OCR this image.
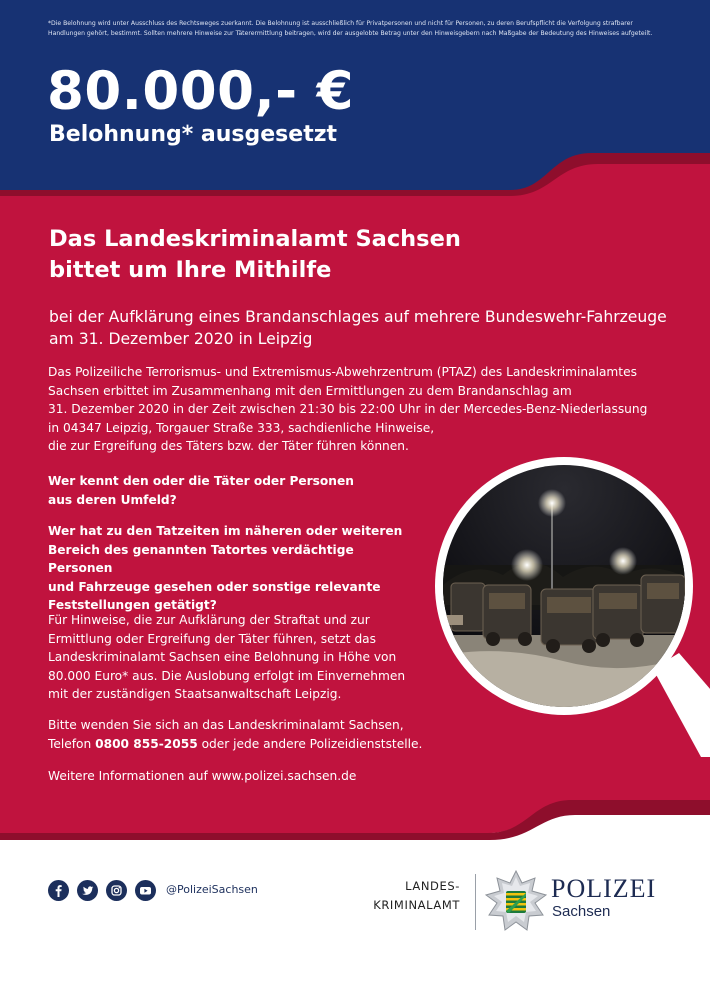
*Die Belohnung wird unter Ausschluss des Rechtsweges zuerkannt. Die Belohnung ist ausschließlich für Privatpersonen und nicht für Personen, zu deren Berufspflicht die Verfolgung strafbarer Handlungen gehört, bestimmt. Sollten mehrere Hinweise zur Täterermittlung beitragen, wird der ausgelobte Betrag unter den Hinweisgebern nach Maßgabe der Bedeutung des Hinweises aufgeteilt.
80.000,- €
Belohnung* ausgesetzt
Das Landeskriminalamt Sachsen
bittet um Ihre Mithilfe
bei der Aufklärung eines Brandanschlages auf mehrere Bundeswehr-Fahrzeuge
am 31. Dezember 2020 in Leipzig
Das Polizeiliche Terrorismus- und Extremismus-Abwehrzentrum (PTAZ) des Landeskriminalamtes
Sachsen erbittet im Zusammenhang mit den Ermittlungen zu dem Brandanschlag am
31. Dezember 2020 in der Zeit zwischen 21:30 bis 22:00 Uhr in der Mercedes-Benz-Niederlassung
in 04347 Leipzig, Torgauer Straße 333, sachdienliche Hinweise,
die zur Ergreifung des Täters bzw. der Täter führen können.
Wer kennt den oder die Täter oder Personen
aus deren Umfeld?
Wer hat zu den Tatzeiten im näheren oder weiteren
Bereich des genannten Tatortes verdächtige Personen
und Fahrzeuge gesehen oder sonstige relevante
Feststellungen getätigt?
Für Hinweise, die zur Aufklärung der Straftat und zur
Ermittlung oder Ergreifung der Täter führen, setzt das
Landeskriminalamt Sachsen eine Belohnung in Höhe von
80.000 Euro* aus. Die Auslobung erfolgt im Einvernehmen
mit der zuständigen Staatsanwaltschaft Leipzig.
Bitte wenden Sie sich an das Landeskriminalamt Sachsen,
Telefon 0800 855-2055 oder jede andere Polizeidienststelle.
Weitere Informationen auf www.polizei.sachsen.de
@PolizeiSachsen	LANDES-
KRIMINALAMT
POLIZEI
Sachsen
